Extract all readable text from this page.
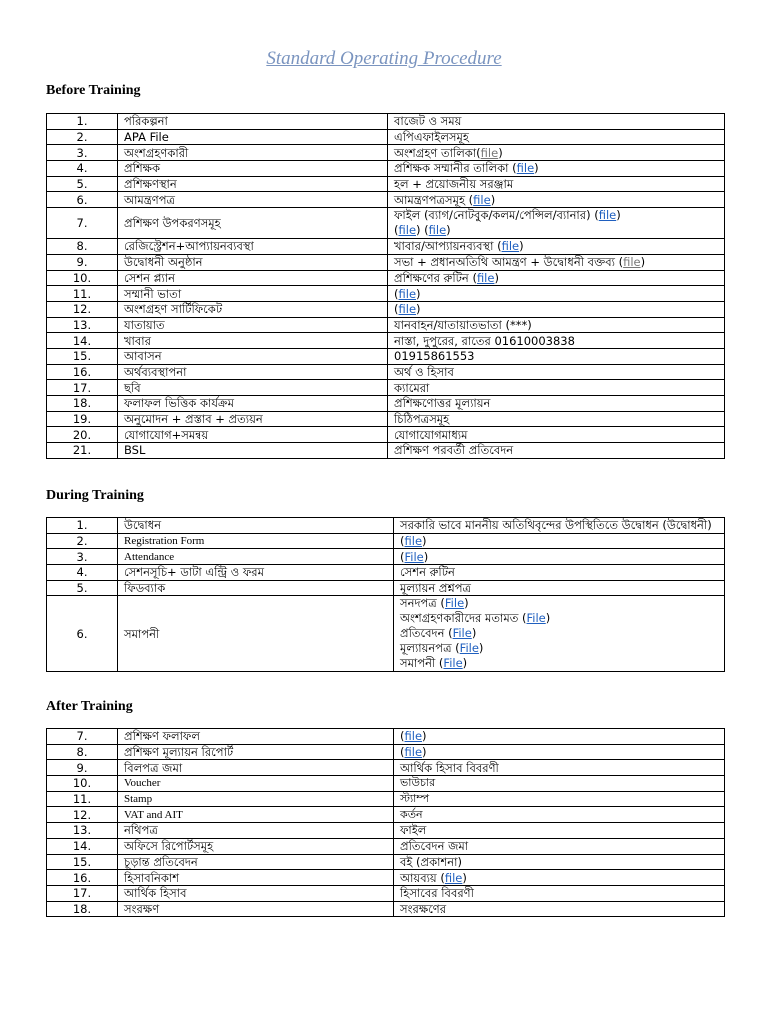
Standard Operating Procedure
Before Training
1.	পরিকল্পনা	বাজেট ও সময়
2.	APA File	এপিএফাইলসমূহ
3.	অংশগ্রহণকারী	অংশগ্রহণ তালিকা(file)
4.	প্রশিক্ষক	প্রশিক্ষক সম্মানীর তালিকা (file)
5.	প্রশিক্ষণস্থান	হল + প্রয়োজনীয় সরঞ্জাম
6.	আমন্ত্রণপত্র	আমন্ত্রণপত্রসমূহ (file)
7.	প্রশিক্ষণ উপকরণসমূহ	ফাইল (ব্যাগ/নোটবুক/কলম/পেন্সিল/ব্যানার) (file)
(file) (file)
8.	রেজিস্ট্রেশন+আপ্যায়নব্যবস্থা	খাবার/আপ্যায়নব্যবস্থা (file)
9.	উদ্বোধনী অনুষ্ঠান	সভা + প্রধানঅতিথি আমন্ত্রণ + উদ্বোধনী বক্তব্য (file)
10.	সেশন প্ল্যান	প্রশিক্ষণের রুটিন (file)
11.	সম্মানী ভাতা	(file)
12.	অংশগ্রহণ সার্টিফিকেট	(file)
13.	যাতায়াত	যানবাহন/যাতায়াতভাতা (***)
14.	খাবার	নাস্তা, দুপুরের, রাতের 01610003838
15.	আবাসন	01915861553
16.	অর্থব্যবস্থাপনা	অর্থ ও হিসাব
17.	ছবি	ক্যামেরা
18.	ফলাফল ভিত্তিক কার্যক্রম	প্রশিক্ষণোত্তর মূল্যায়ন
19.	অনুমোদন + প্রস্তাব + প্রত্যয়ন	চিঠিপত্রসমূহ
20.	যোগাযোগ+সমন্বয়	যোগাযোগমাধ্যম
21.	BSL	প্রশিক্ষণ পরবর্তী প্রতিবেদন
During Training
1.	উদ্বোধন	সরকারি ভাবে মাননীয় অতিথিবৃন্দের উপস্থিতিতে উদ্বোধন (উদ্বোধনী)
2.	Registration Form	(file)
3.	Attendance	(File)
4.	সেশনসূচি+ ডাটা এন্ট্রি ও ফরম	সেশন রুটিন
5.	ফিডব্যাক	মূল্যায়ন প্রশ্নপত্র
6.	সমাপনী	সনদপত্র (File)
অংশগ্রহণকারীদের মতামত (File)
প্রতিবেদন (File)
মূল্যায়নপত্র (File)
সমাপনী (File)
After Training
7.	প্রশিক্ষণ ফলাফল	(file)
8.	প্রশিক্ষণ মূল্যায়ন রিপোর্ট	(file)
9.	বিলপত্র জমা	আর্থিক হিসাব বিবরণী
10.	Voucher	ভাউচার
11.	Stamp	স্ট্যাম্প
12.	VAT and AIT	কর্তন
13.	নথিপত্র	ফাইল
14.	অফিসে রিপোর্টসমূহ	প্রতিবেদন জমা
15.	চূড়ান্ত প্রতিবেদন	বই (প্রকাশনা)
16.	হিসাবনিকাশ	আয়ব্যয় (file)
17.	আর্থিক হিসাব	হিসাবের বিবরণী
18.	সংরক্ষণ	সংরক্ষণের
